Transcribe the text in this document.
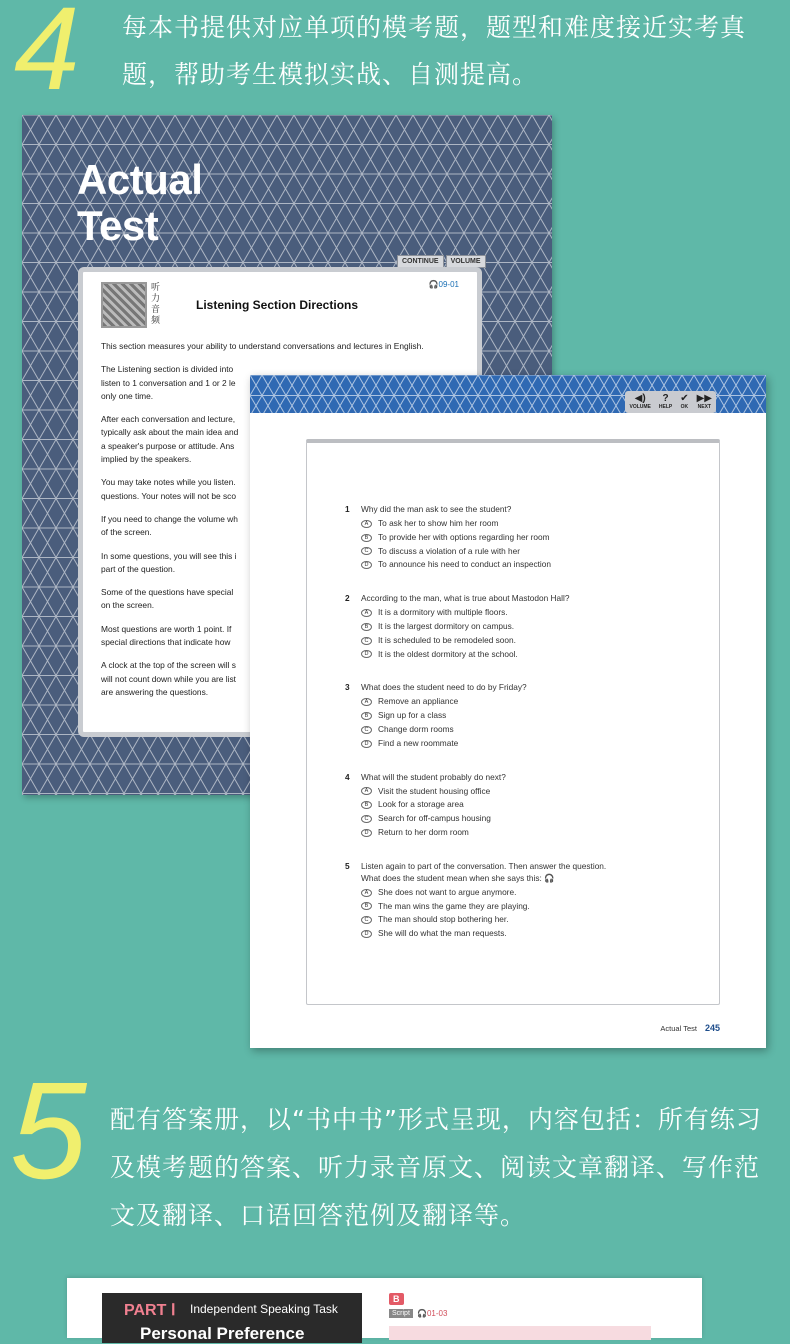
4 每本书提供对应单项的模考题，题型和难度接近实考真题，帮助考生模拟实战、自测提高。
Actual
Test
CONTINUE	VOLUME
听力音频
🎧09-01
Listening Section Directions

This section measures your ability to understand conversations and lectures in English.

The Listening section is divided into
listen to 1 conversation and 1 or 2 le
only one time.

After each conversation and lecture,
typically ask about the main idea and
a speaker's purpose or attitude. Ans
implied by the speakers.

You may take notes while you listen.
questions. Your notes will not be sco

If you need to change the volume wh
of the screen.

In some questions, you will see this i
part of the question.

Some of the questions have special
on the screen.

Most questions are worth 1 point. If
special directions that indicate how

A clock at the top of the screen will s
will not count down while you are list
are answering the questions.

◀)
VOLUME
?
HELP
✔
OK
▶▶
NEXT
1	Why did the man ask to see the student?
A	To ask her to show him her room
B	To provide her with options regarding her room
C	To discuss a violation of a rule with her
D	To announce his need to conduct an inspection
2	According to the man, what is true about Mastodon Hall?
A	It is a dormitory with multiple floors.
B	It is the largest dormitory on campus.
C	It is scheduled to be remodeled soon.
D	It is the oldest dormitory at the school.
3	What does the student need to do by Friday?
A	Remove an appliance
B	Sign up for a class
C	Change dorm rooms
D	Find a new roommate
4	What will the student probably do next?
A	Visit the student housing office
B	Look for a storage area
C	Search for off-campus housing
D	Return to her dorm room
5	Listen again to part of the conversation. Then answer the question.
What does the student mean when she says this: 🎧
A	She does not want to argue anymore.
B	The man wins the game they are playing.
C	The man should stop bothering her.
D	She will do what the man requests.
Actual Test 245
5 配有答案册，以“书中书”形式呈现，内容包括：所有练习及模考题的答案、听力录音原文、阅读文章翻译、写作范文及翻译、口语回答范例及翻译等。
PART Ⅰ Independent Speaking Task
Personal Preference
B
Script 🎧01-03
